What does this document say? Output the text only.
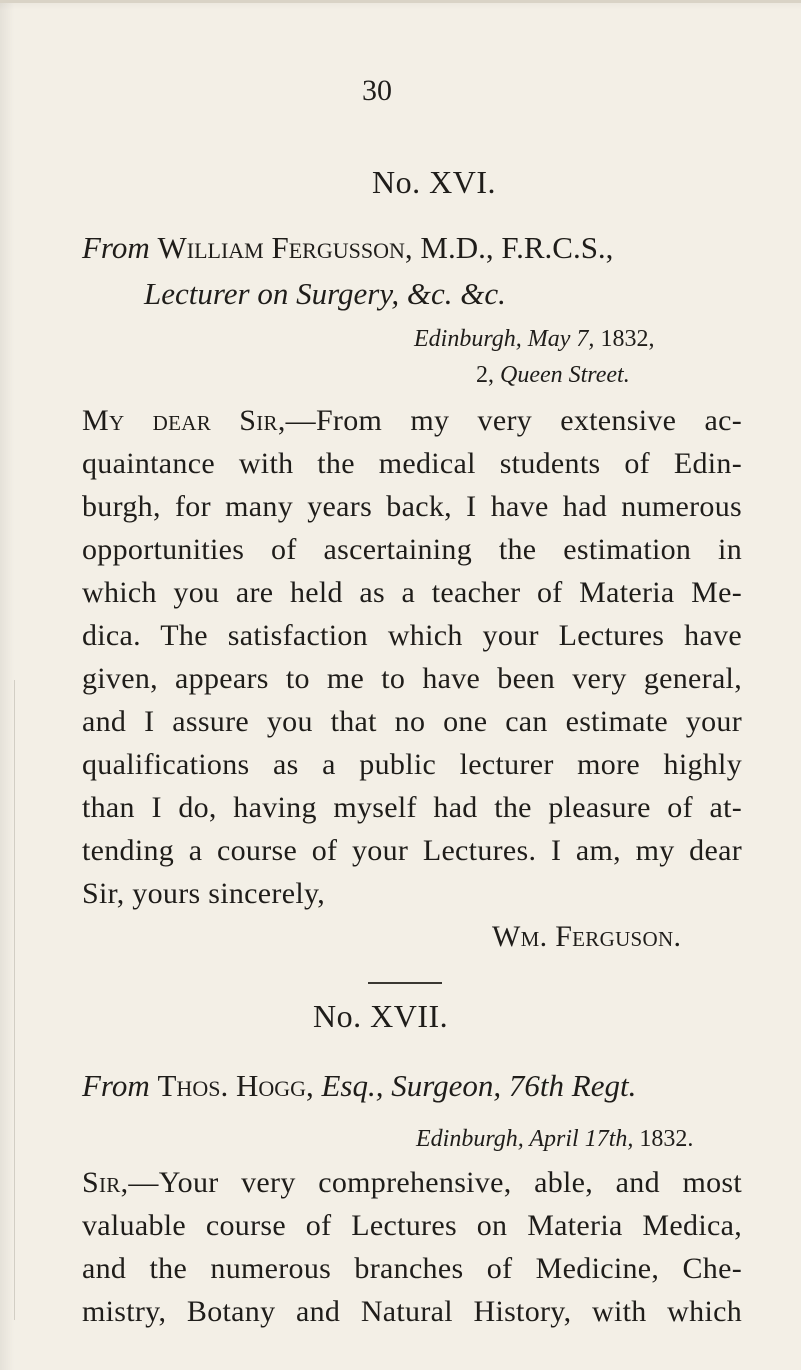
30
No. XVI.
From William Fergusson, M.D., F.R.C.S.,
Lecturer on Surgery, &c. &c.
Edinburgh, May 7, 1832,
2, Queen Street.
My dear Sir,—From my very extensive ac-
quaintance with the medical students of Edin-
burgh, for many years back, I have had numerous
opportunities of ascertaining the estimation in
which you are held as a teacher of Materia Me-
dica. The satisfaction which your Lectures have
given, appears to me to have been very general,
and I assure you that no one can estimate your
qualifications as a public lecturer more highly
than I do, having myself had the pleasure of at-
tending a course of your Lectures. I am, my dear
Sir, yours sincerely,
Wm. Ferguson.
No. XVII.
From Thos. Hogg, Esq., Surgeon, 76th Regt.
Edinburgh, April 17th, 1832.
Sir,—Your very comprehensive, able, and most
valuable course of Lectures on Materia Medica,
and the numerous branches of Medicine, Che-
mistry, Botany and Natural History, with which
